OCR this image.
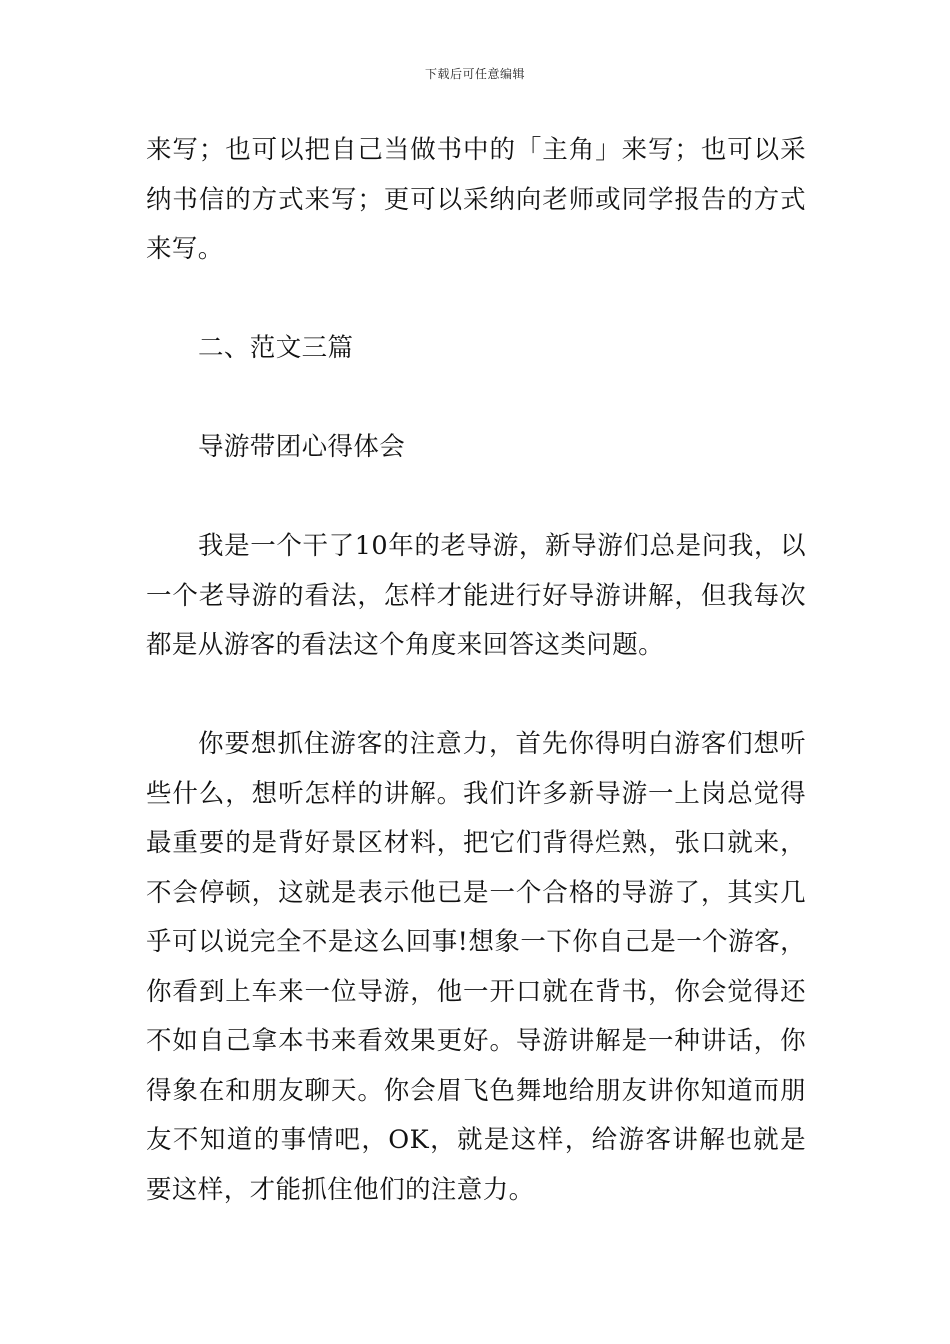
下载后可任意编辑

来写；也可以把自己当做书中的「主角」来写；也可以采纳书信的方式来写；更可以采纳向老师或同学报告的方式来写。

二、范文三篇

导游带团心得体会

我是一个干了10年的老导游，新导游们总是问我，以一个老导游的看法，怎样才能进行好导游讲解，但我每次都是从游客的看法这个角度来回答这类问题。

你要想抓住游客的注意力，首先你得明白游客们想听些什么，想听怎样的讲解。我们许多新导游一上岗总觉得最重要的是背好景区材料，把它们背得烂熟，张口就来，不会停顿，这就是表示他已是一个合格的导游了，其实几乎可以说完全不是这么回事!想象一下你自己是一个游客，你看到上车来一位导游，他一开口就在背书，你会觉得还不如自己拿本书来看效果更好。导游讲解是一种讲话，你得象在和朋友聊天。你会眉飞色舞地给朋友讲你知道而朋友不知道的事情吧，OK，就是这样，给游客讲解也就是要这样，才能抓住他们的注意力。
